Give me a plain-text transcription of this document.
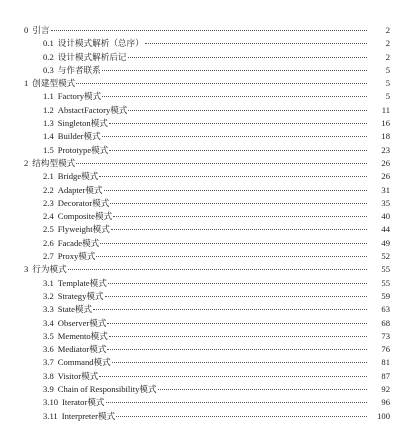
0 引言	2
0.1 设计模式解析（总序）	2
0.2 设计模式解析后记	2
0.3 与作者联系	5
1 创建型模式	5
1.1 Factory模式	5
1.2 AbstactFactory模式	11
1.3 Singleton模式	16
1.4 Builder模式	18
1.5 Prototype模式	23
2 结构型模式	26
2.1 Bridge模式	26
2.2 Adapter模式	31
2.3 Decorator模式	35
2.4 Composite模式	40
2.5 Flyweight模式	44
2.6 Facade模式	49
2.7 Proxy模式	52
3 行为模式	55
3.1 Template模式	55
3.2 Strategy模式	59
3.3 State模式	63
3.4 Observer模式	68
3.5 Memento模式	73
3.6 Mediator模式	76
3.7 Command模式	81
3.8 Visitor模式	87
3.9 Chain of Responsibility模式	92
3.10 Iterator模式	96
3.11 Interpreter模式	100
